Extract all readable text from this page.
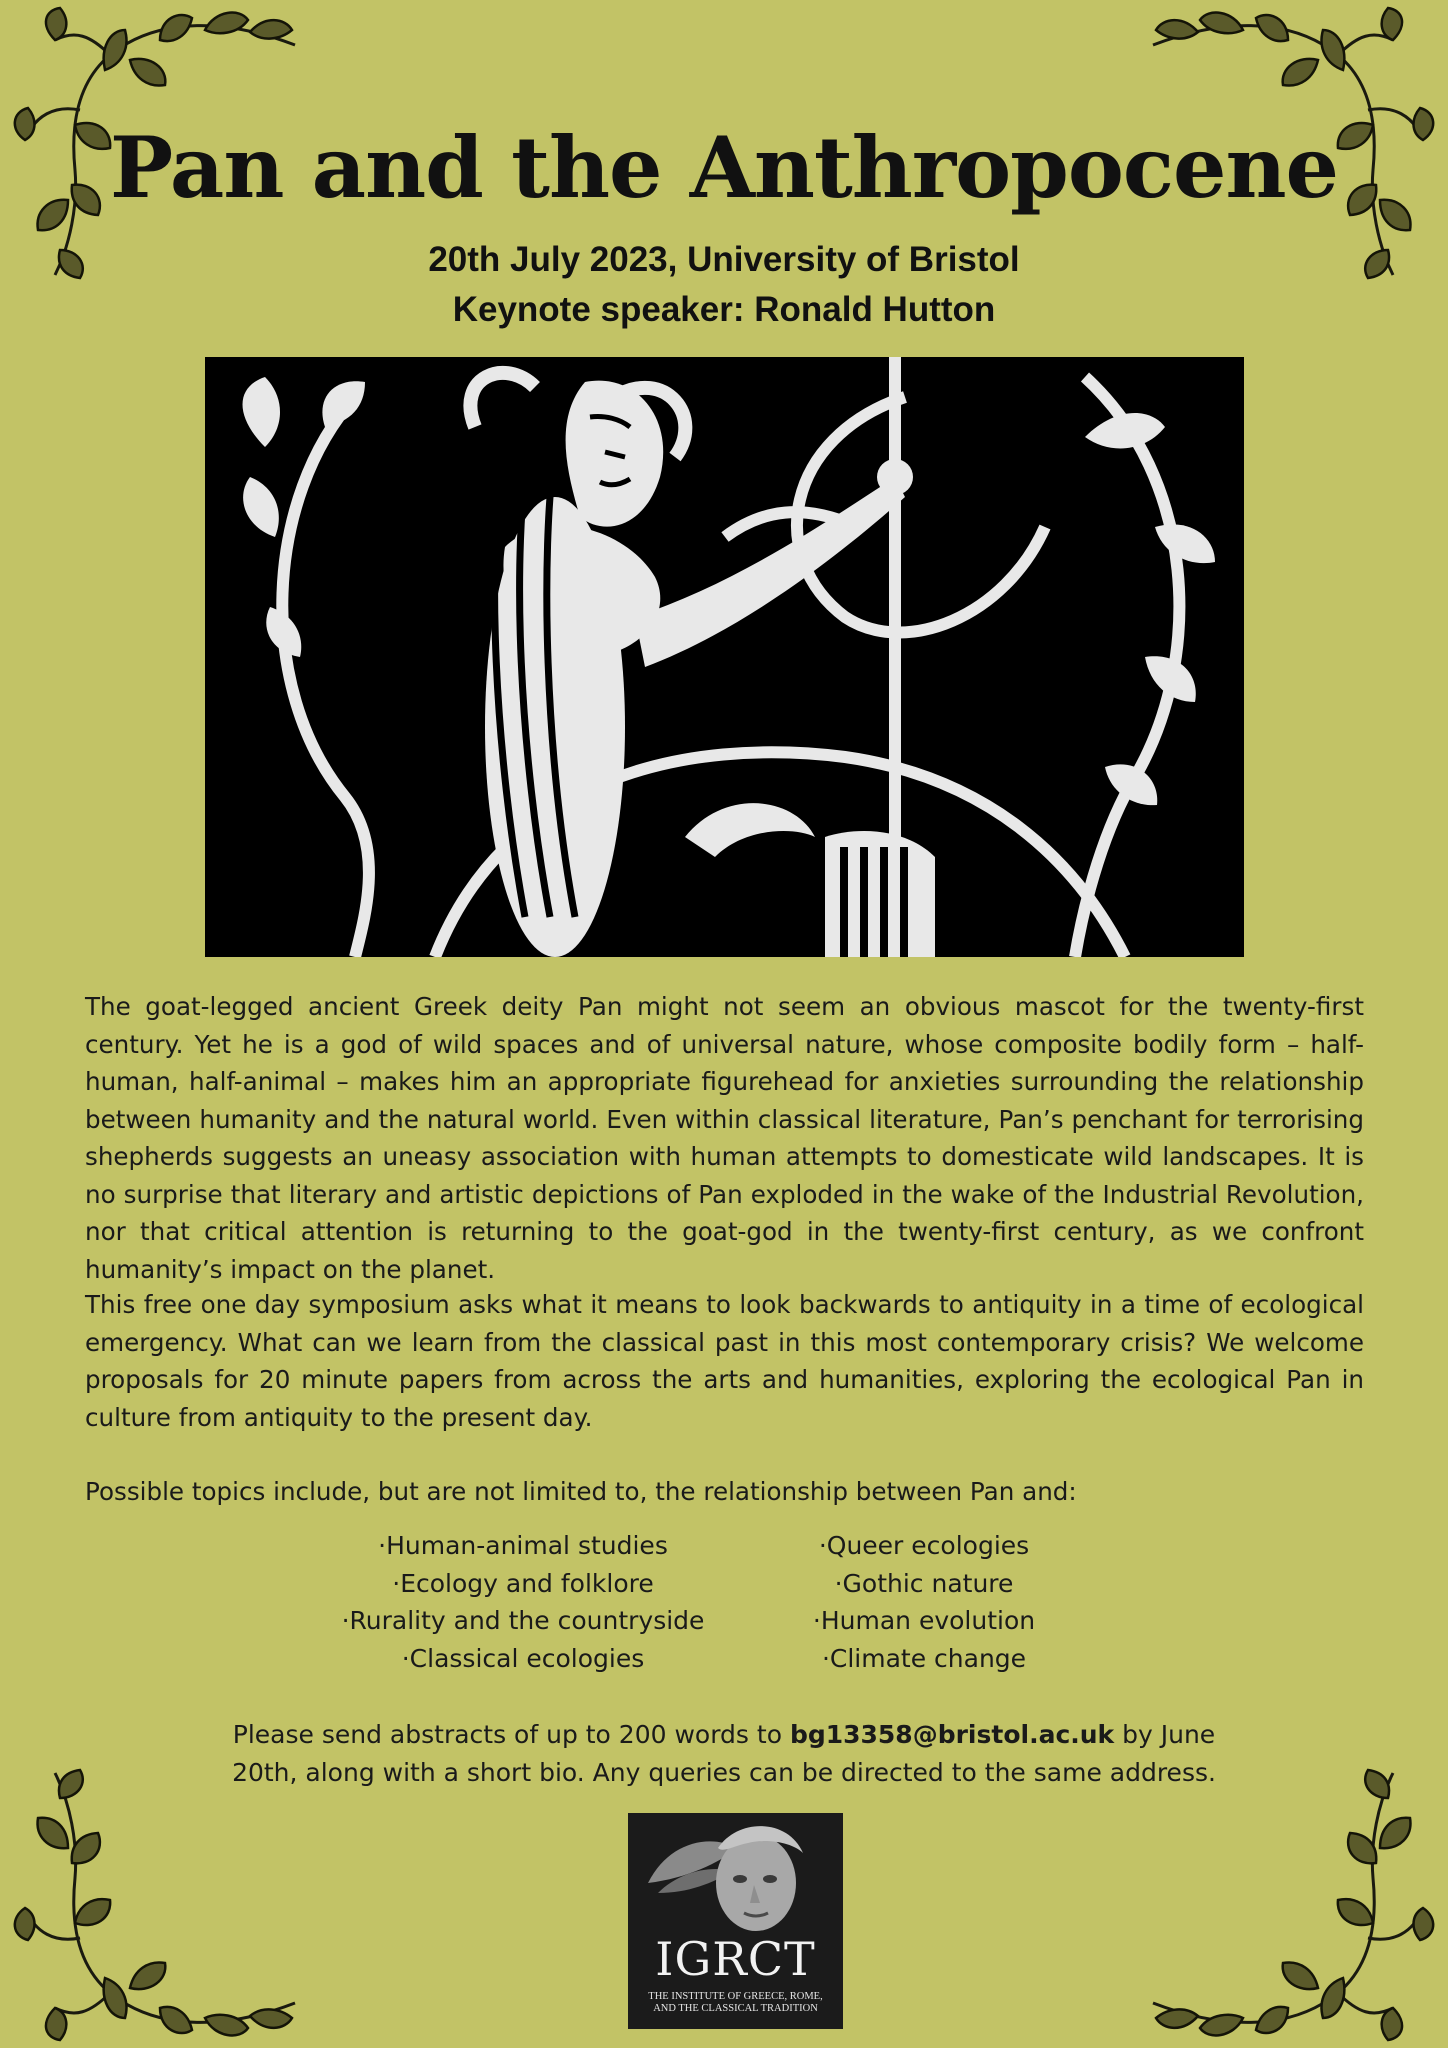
Pan and the Anthropocene
20th July 2023, University of Bristol
Keynote speaker: Ronald Hutton

The goat-legged ancient Greek deity Pan might not seem an obvious mascot for the twenty-first century. Yet he is a god of wild spaces and of universal nature, whose composite bodily form – half-human, half-animal – makes him an appropriate figurehead for anxieties surrounding the relationship between humanity and the natural world. Even within classical literature, Pan’s penchant for terrorising shepherds suggests an uneasy association with human attempts to domesticate wild landscapes. It is no surprise that literary and artistic depictions of Pan exploded in the wake of the Industrial Revolution, nor that critical attention is returning to the goat-god in the twenty-first century, as we confront humanity’s impact on the planet.

This free one day symposium asks what it means to look backwards to antiquity in a time of ecological emergency. What can we learn from the classical past in this most contemporary crisis? We welcome proposals for 20 minute papers from across the arts and humanities, exploring the ecological Pan in culture from antiquity to the present day.

Possible topics include, but are not limited to, the relationship between Pan and:

·Human-animal studies
·Ecology and folklore
·Rurality and the countryside
·Classical ecologies
·Queer ecologies
·Gothic nature
·Human evolution
·Climate change
Please send abstracts of up to 200 words to bg13358@bristol.ac.uk by June
20th, along with a short bio. Any queries can be directed to the same address.
IGRCT
THE INSTITUTE OF GREECE, ROME, AND THE CLASSICAL TRADITION
